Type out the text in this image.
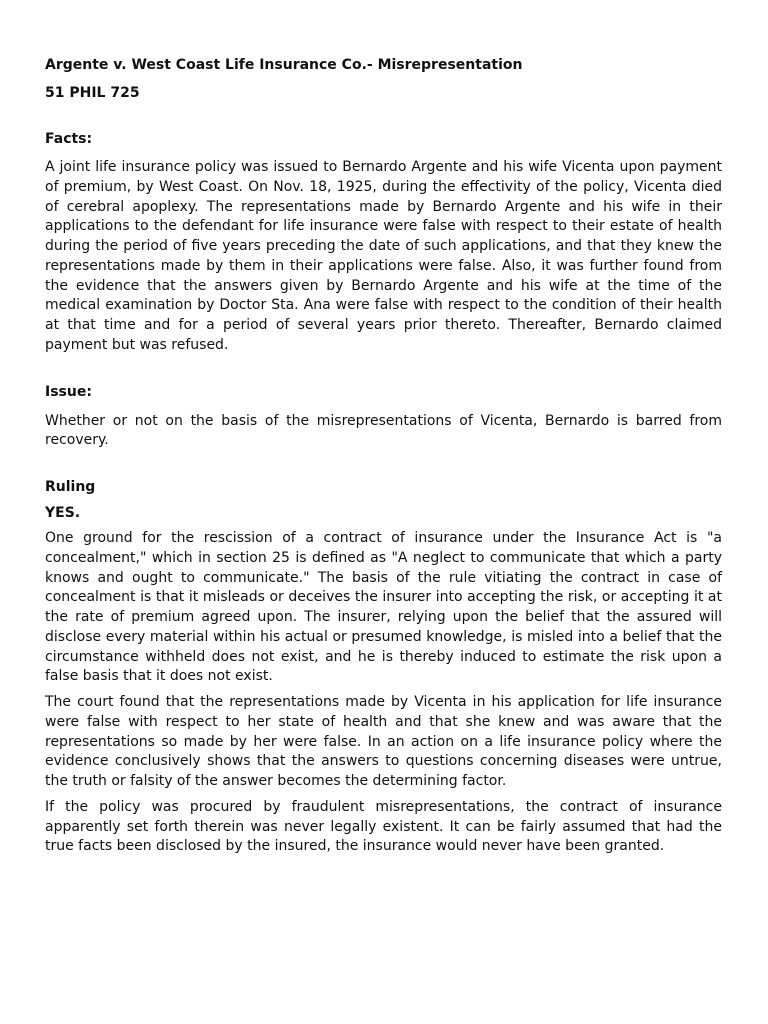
Argente v. West Coast Life Insurance Co.- Misrepresentation

51 PHIL 725

Facts:

A joint life insurance policy was issued to Bernardo Argente and his wife Vicenta upon payment of premium, by West Coast. On Nov. 18, 1925, during the effectivity of the policy, Vicenta died of cerebral apoplexy. The representations made by Bernardo Argente and his wife in their applications to the defendant for life insurance were false with respect to their estate of health during the period of five years preceding the date of such applications, and that they knew the representations made by them in their applications were false. Also, it was further found from the evidence that the answers given by Bernardo Argente and his wife at the time of the medical examination by Doctor Sta. Ana were false with respect to the condition of their health at that time and for a period of several years prior thereto. Thereafter, Bernardo claimed payment but was refused.

Issue:

Whether or not on the basis of the misrepresentations of Vicenta, Bernardo is barred from recovery.

Ruling

YES.

One ground for the rescission of a contract of insurance under the Insurance Act is "a concealment," which in section 25 is defined as "A neglect to communicate that which a party knows and ought to communicate." The basis of the rule vitiating the contract in case of concealment is that it misleads or deceives the insurer into accepting the risk, or accepting it at the rate of premium agreed upon. The insurer, relying upon the belief that the assured will disclose every material within his actual or presumed knowledge, is misled into a belief that the circumstance withheld does not exist, and he is thereby induced to estimate the risk upon a false basis that it does not exist.

The court found that the representations made by Vicenta in his application for life insurance were false with respect to her state of health and that she knew and was aware that the representations so made by her were false. In an action on a life insurance policy where the evidence conclusively shows that the answers to questions concerning diseases were untrue, the truth or falsity of the answer becomes the determining factor.

If the policy was procured by fraudulent misrepresentations, the contract of insurance apparently set forth therein was never legally existent. It can be fairly assumed that had the true facts been disclosed by the insured, the insurance would never have been granted.
